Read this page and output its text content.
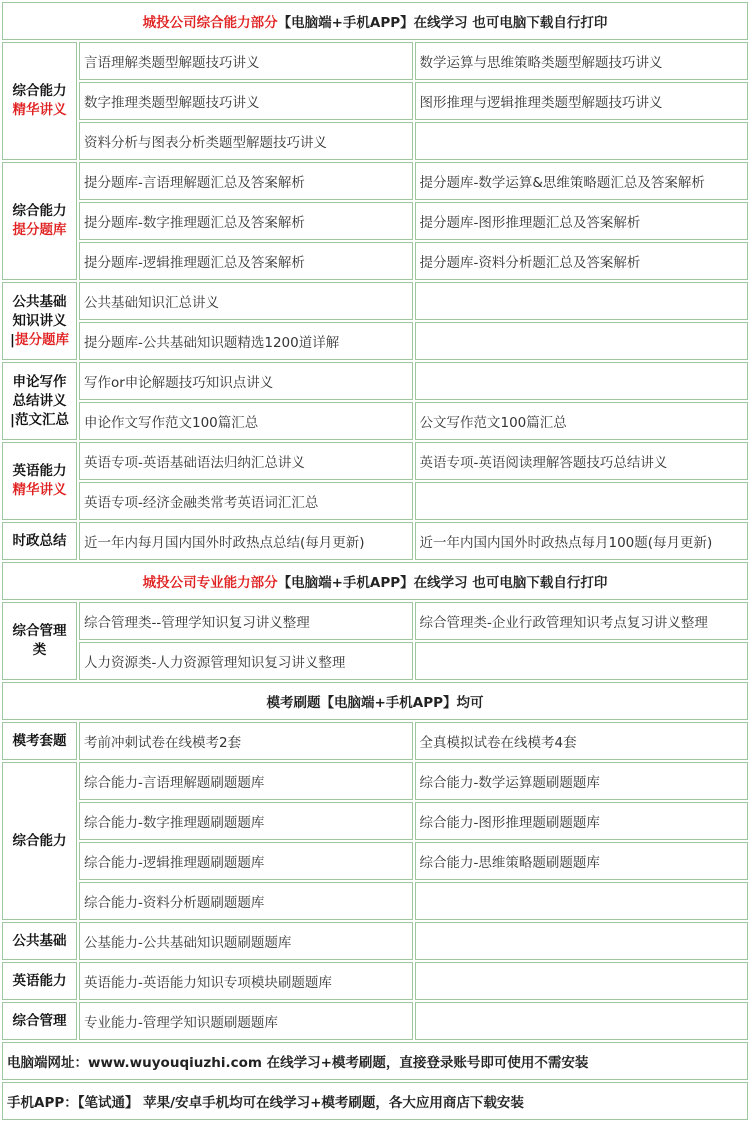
城投公司综合能力部分【电脑端+手机APP】在线学习 也可电脑下载自行打印		
综合能力
精华讲义	言语理解类题型解题技巧讲义	数学运算与思维策略类题型解题技巧讲义
	数字推理类题型解题技巧讲义	图形推理与逻辑推理类题型解题技巧讲义
	资料分析与图表分析类题型解题技巧讲义	
综合能力
提分题库	提分题库-言语理解题汇总及答案解析	提分题库-数学运算&思维策略题汇总及答案解析
	提分题库-数字推理题汇总及答案解析	提分题库-图形推理题汇总及答案解析
	提分题库-逻辑推理题汇总及答案解析	提分题库-资料分析题汇总及答案解析
公共基础
知识讲义
|提分题库	公共基础知识汇总讲义	
	提分题库-公共基础知识题精选1200道详解	
申论写作
总结讲义
|范文汇总	写作or申论解题技巧知识点讲义	
	申论作文写作范文100篇汇总	公文写作范文100篇汇总
英语能力
精华讲义	英语专项-英语基础语法归纳汇总讲义	英语专项-英语阅读理解答题技巧总结讲义
	英语专项-经济金融类常考英语词汇汇总	
时政总结	近一年内每月国内国外时政热点总结(每月更新)	近一年内国内国外时政热点每月100题(每月更新)
城投公司专业能力部分【电脑端+手机APP】在线学习 也可电脑下载自行打印		
综合管理
类	综合管理类--管理学知识复习讲义整理	综合管理类-企业行政管理知识考点复习讲义整理
	人力资源类-人力资源管理知识复习讲义整理	
模考刷题【电脑端+手机APP】均可		
模考套题	考前冲刺试卷在线模考2套	全真模拟试卷在线模考4套
综合能力	综合能力-言语理解题刷题题库	综合能力-数学运算题刷题题库
	综合能力-数字推理题刷题题库	综合能力-图形推理题刷题题库
	综合能力-逻辑推理题刷题题库	综合能力-思维策略题刷题题库
	综合能力-资料分析题刷题题库	
公共基础	公基能力-公共基础知识题刷题题库	
英语能力	英语能力-英语能力知识专项模块刷题题库	
综合管理	专业能力-管理学知识题刷题题库	
电脑端网址：www.wuyouqiuzhi.com 在线学习+模考刷题，直接登录账号即可使用不需安装		
手机APP：【笔试通】 苹果/安卓手机均可在线学习+模考刷题，各大应用商店下载安装		
